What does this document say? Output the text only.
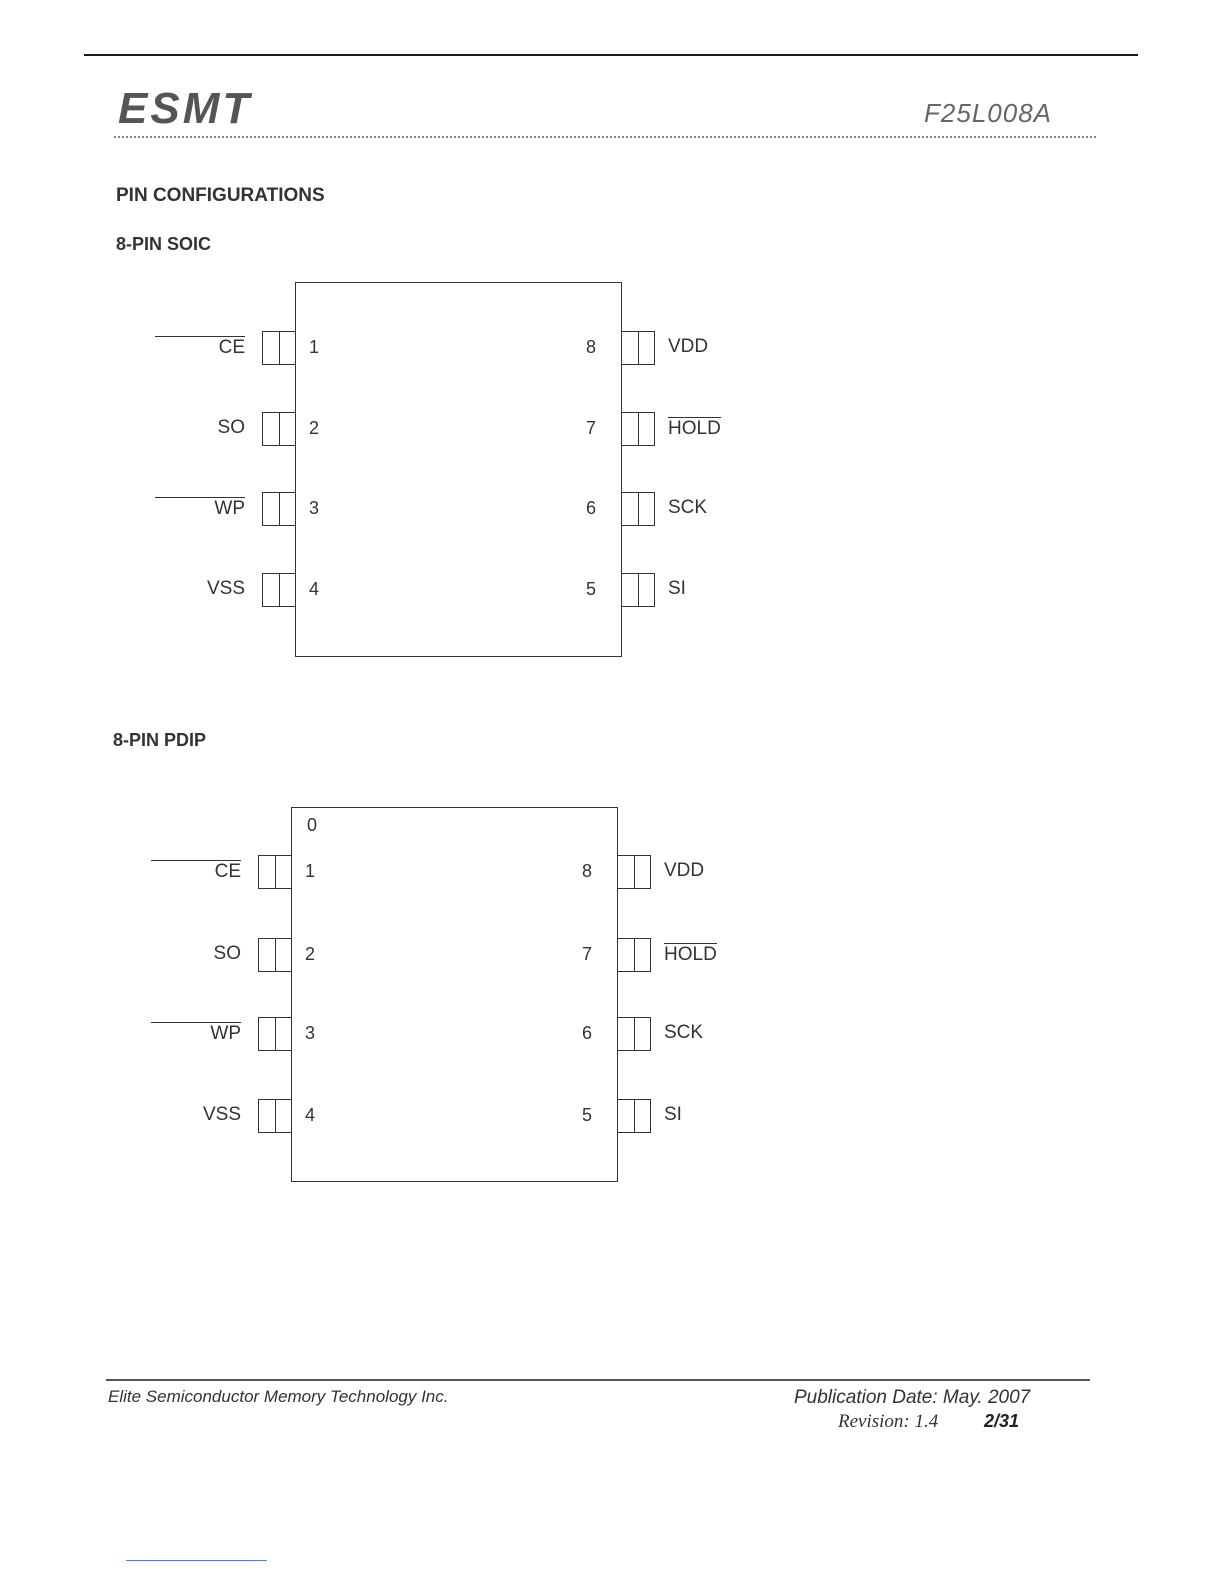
ESMT	F25L008A
PIN CONFIGURATIONS
8-PIN SOIC
1
CE
2
SO
3
WP
4
VSS
8	VDD
7	HOLD
6	SCK
5	SI
8-PIN PDIP
0
1
CE
2
SO
3
WP
4
VSS
8	VDD
7	HOLD
6	SCK
5	SI
Elite Semiconductor Memory Technology Inc.	Publication Date: May. 2007
Revision: 1.4	2/31
